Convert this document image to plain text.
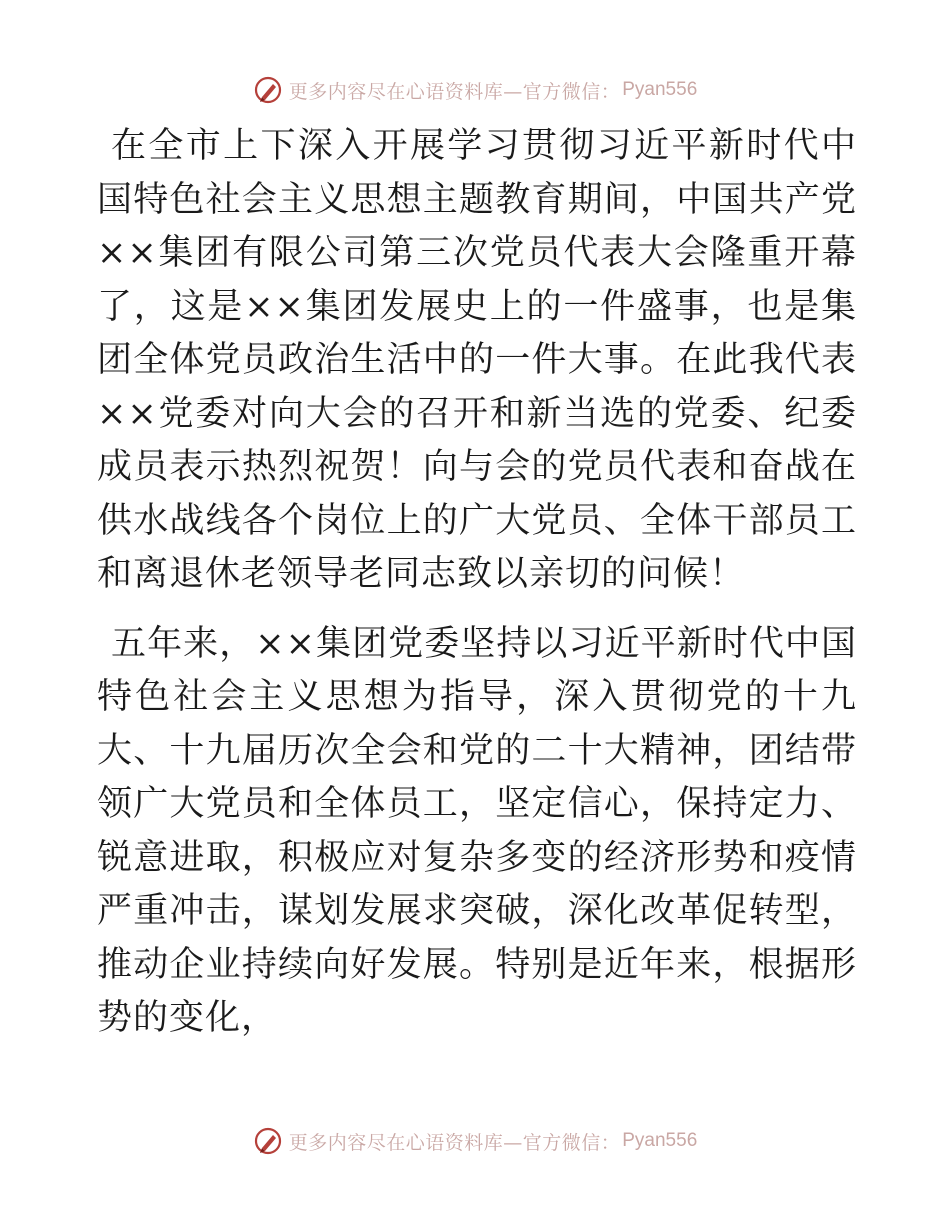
更多内容尽在心语资料库—官方微信： Pyan556

在全市上下深入开展学习贯彻习近平新时代中国特色社会主义思想主题教育期间，中国共产党××集团有限公司第三次党员代表大会隆重开幕了，这是××集团发展史上的一件盛事，也是集团全体党员政治生活中的一件大事。在此我代表××党委对向大会的召开和新当选的党委、纪委成员表示热烈祝贺！向与会的党员代表和奋战在供水战线各个岗位上的广大党员、全体干部员工和离退休老领导老同志致以亲切的问候！

五年来，××集团党委坚持以习近平新时代中国特色社会主义思想为指导，深入贯彻党的十九大、十九届历次全会和党的二十大精神，团结带领广大党员和全体员工，坚定信心，保持定力、锐意进取，积极应对复杂多变的经济形势和疫情严重冲击，谋划发展求突破，深化改革促转型，推动企业持续向好发展。特别是近年来，根据形势的变化，

更多内容尽在心语资料库—官方微信： Pyan556
